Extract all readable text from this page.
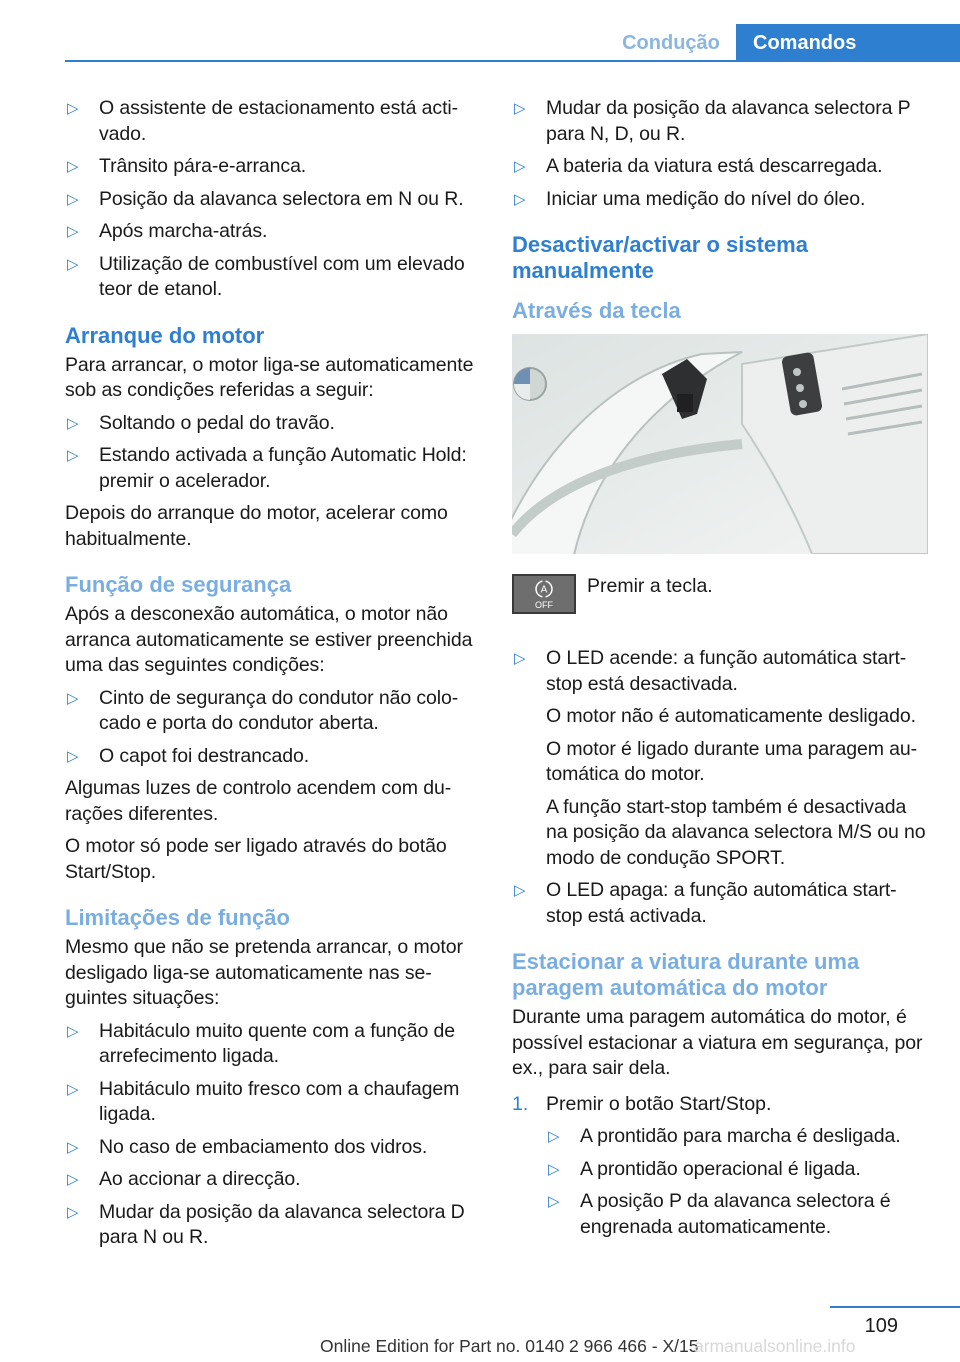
Condução	Comandos
▷ O assistente de estacionamento está activado.
▷ Trânsito pára-e-arranca.
▷ Posição da alavanca selectora em N ou R.
▷ Após marcha-atrás.
▷ Utilização de combustível com um elevado teor de etanol.
Arranque do motor

Para arrancar, o motor liga-se automaticamente sob as condições referidas a seguir:

▷ Soltando o pedal do travão.
▷ Estando activada a função Automatic Hold: premir o acelerador.

Depois do arranque do motor, acelerar como habitualmente.

Função de segurança

Após a desconexão automática, o motor não arranca automaticamente se estiver preenchida uma das seguintes condições:

▷ Cinto de segurança do condutor não colocado e porta do condutor aberta.
▷ O capot foi destrancado.

Algumas luzes de controlo acendem com durações diferentes.

O motor só pode ser ligado através do botão Start/Stop.

Limitações de função

Mesmo que não se pretenda arrancar, o motor desligado liga-se automaticamente nas seguintes situações:

▷ Habitáculo muito quente com a função de arrefecimento ligada.
▷ Habitáculo muito fresco com a chaufagem ligada.
▷ No caso de embaciamento dos vidros.
▷ Ao accionar a direcção.
▷ Mudar da posição da alavanca selectora D para N ou R.
▷ Mudar da posição da alavanca selectora P para N, D, ou R.
▷ A bateria da viatura está descarregada.
▷ Iniciar uma medição do nível do óleo.
Desactivar/activar o sistema manualmente
Através da tecla
A
OFF
Premir a tecla.
▷ O LED acende: a função automática start-stop está desactivada.
O motor não é automaticamente desligado.
O motor é ligado durante uma paragem automática do motor.
A função start-stop também é desactivada na posição da alavanca selectora M/S ou no modo de condução SPORT.
▷ O LED apaga: a função automática start-stop está activada.
Estacionar a viatura durante uma paragem automática do motor

Durante uma paragem automática do motor, é possível estacionar a viatura em segurança, por ex., para sair dela.

1. Premir o botão Start/Stop.
▷ A prontidão para marcha é desligada.
▷ A prontidão operacional é ligada.
▷ A posição P da alavanca selectora é engrenada automaticamente.
109
Online Edition for Part no. 0140 2 966 466 - X/15
armanualsonline.info
